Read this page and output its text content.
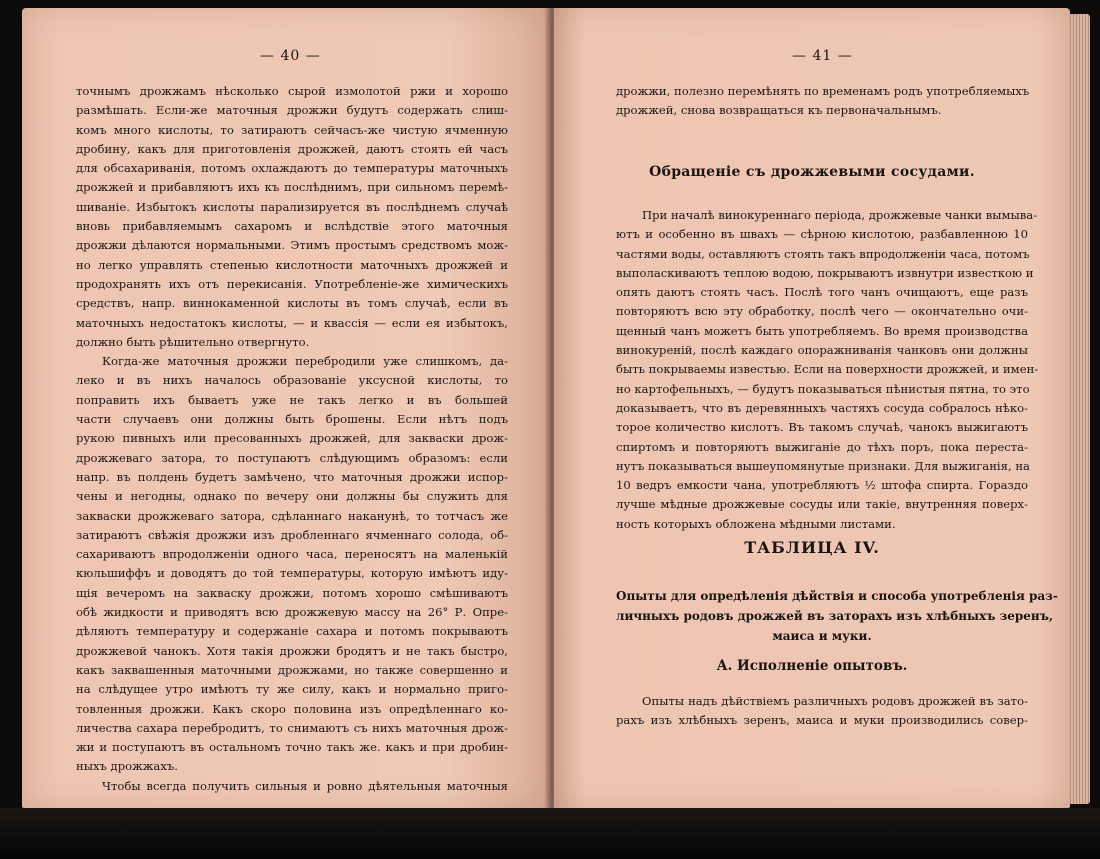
— 40 —
точнымъ дрожжамъ нѣсколько сырой измолотой ржи и хорошо
размѣшать. Если-же маточныя дрожжи будутъ содержать слиш-
комъ много кислоты, то затираютъ сейчасъ-же чистую ячменную
дробину, какъ для приготовленія дрожжей, даютъ стоять ей часъ
для обсахариванія, потомъ охлаждаютъ до температуры маточныхъ
дрожжей и прибавляютъ ихъ къ послѣднимъ, при сильномъ перемѣ-
шиваніе. Избытокъ кислоты парализируется въ послѣднемъ случаѣ
вновь прибавляемымъ сахаромъ и вслѣдствіе этого маточныя
дрожжи дѣлаются нормальными. Этимъ простымъ средствомъ мож-
но легко управлять степенью кислотности маточныхъ дрожжей и
продохранять ихъ отъ перекисанія. Употребленіе-же химическихъ
средствъ, напр. виннокаменной кислоты въ томъ случаѣ, если въ
маточныхъ недостатокъ кислоты, — и квассія — если ея избытокъ,
должно быть рѣшительно отвергнуто.
Когда-же маточныя дрожжи перебродили уже слишкомъ, да-
леко и въ нихъ началось образованіе уксусной кислоты, то
поправить ихъ бываетъ уже не такъ легко и въ большей
части случаевъ они должны быть брошены. Если нѣтъ подъ
рукою пивныхъ или пресованныхъ дрожжей, для закваски дрож-
дрожжеваго затора, то поступаютъ слѣдующимъ образомъ: если
напр. въ полдень будетъ замѣчено, что маточныя дрожжи испор-
чены и негодны, однако по вечеру они должны бы служить для
закваски дрожжеваго затора, сдѣланнаго наканунѣ, то тотчасъ же
затираютъ свѣжія дрожжи изъ дробленнаго ячменнаго солода, об-
сахариваютъ впродолженіи одного часа, переносятъ на маленькій
кюльшиффъ и доводятъ до той температуры, которую имѣютъ иду-
щія вечеромъ на закваску дрожжи, потомъ хорошо смѣшиваютъ
обѣ жидкости и приводятъ всю дрожжевую массу на 26° Р. Опре-
дѣляютъ температуру и содержаніе сахара и потомъ покрываютъ
дрожжевой чанокъ. Хотя такія дрожжи бродятъ и не такъ быстро,
какъ заквашенныя маточными дрожжами, но также совершенно и
на слѣдущее утро имѣютъ ту же силу, какъ и нормально приго-
товленныя дрожжи. Какъ скоро половина изъ опредѣленнаго ко-
личества сахара перебродитъ, то снимаютъ съ нихъ маточныя дрож-
жи и поступаютъ въ остальномъ точно такъ же. какъ и при дробин-
ныхъ дрожжахъ.
Чтобы всегда получить сильныя и ровно дѣятельныя маточныя
— 41 —
дрожжи, полезно перемѣнять по временамъ родъ употребляемыхъ
дрожжей, снова возвращаться къ первоначальнымъ.
Обращеніе съ дрожжевыми сосудами.
При началѣ винокуреннаго періода, дрожжевые чанки вымыва-
ютъ и особенно въ швахъ — сѣрною кислотою, разбавленною 10
частями воды, оставляютъ стоять такъ впродолженіи часа, потомъ
выполаскиваютъ теплою водою, покрываютъ извнутри известкою и
опять даютъ стоять часъ. Послѣ того чанъ очищаютъ, еще разъ
повторяютъ всю эту обработку, послѣ чего — окончательно очи-
щенный чанъ можетъ быть употребляемъ. Во время производства
винокуреній, послѣ каждаго опоражниванія чанковъ они должны
быть покрываемы известью. Если на поверхности дрожжей, и имен-
но картофельныхъ, — будутъ показываться пѣнистыя пятна, то это
доказываетъ, что въ деревянныхъ частяхъ сосуда собралось нѣко-
торое количество кислотъ. Въ такомъ случаѣ, чанокъ выжигаютъ
спиртомъ и повторяютъ выжиганіе до тѣхъ поръ, пока переста-
нутъ показываться вышеупомянутые признаки. Для выжиганія, на
10 ведръ емкости чана, употребляютъ ½ штофа спирта. Гораздо
лучше мѣдные дрожжевые сосуды или такіе, внутренняя поверх-
ность которыхъ обложена мѣдными листами.
ТАБЛИЦА IV.
Опыты для опредѣленія дѣйствія и способа употребленія раз-
личныхъ родовъ дрожжей въ заторахъ изъ хлѣбныхъ зеренъ,
маиса и муки.
А. Исполненіе опытовъ.
Опыты надъ дѣйствіемъ различныхъ родовъ дрожжей въ затo-
рахъ изъ хлѣбныхъ зеренъ, маиса и муки производились совер-
